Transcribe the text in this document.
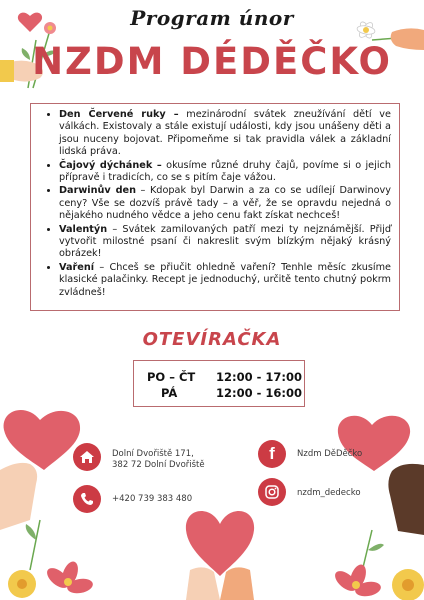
Program únor
NZDM DÉDĚČKO
• Den Červené ruky – mezinárodní svátek zneužívání dětí ve válkách. Existovaly a stále existují události, kdy jsou unášeny děti a jsou nuceny bojovat. Připomeňme si tak pravidla válek a základní lidská práva.
• Čajový dýchánek – okusíme různé druhy čajů, povíme si o jejich přípravě i tradicích, co se s pitím čaje vážou.
• Darwinův den – Kdopak byl Darwin a za co se udílejí Darwinovy ceny? Vše se dozvíš právě tady – a věř, že se opravdu nejedná o nějakého nudného vědce a jeho cenu fakt získat nechceš!
• Valentýn – Svátek zamilovaných patří mezi ty nejznámější. Přijď vytvořit milostné psaní či nakreslit svým blízkým nějaký krásný obrázek!
• Vaření – Chceš se přiučit ohledně vaření? Tenhle měsíc zkusíme klasické palačinky. Recept je jednoduchý, určitě tento chutný pokrm zvládneš!
OTEVÍRAČKA
PO – ČT 12:00 - 17:00
PÁ	12:00 - 16:00
Dolní Dvořiště 171,
382 72 Dolní Dvořiště
+420 739 383 480
f	Nzdm DěDěčko
nzdm_dedecko
